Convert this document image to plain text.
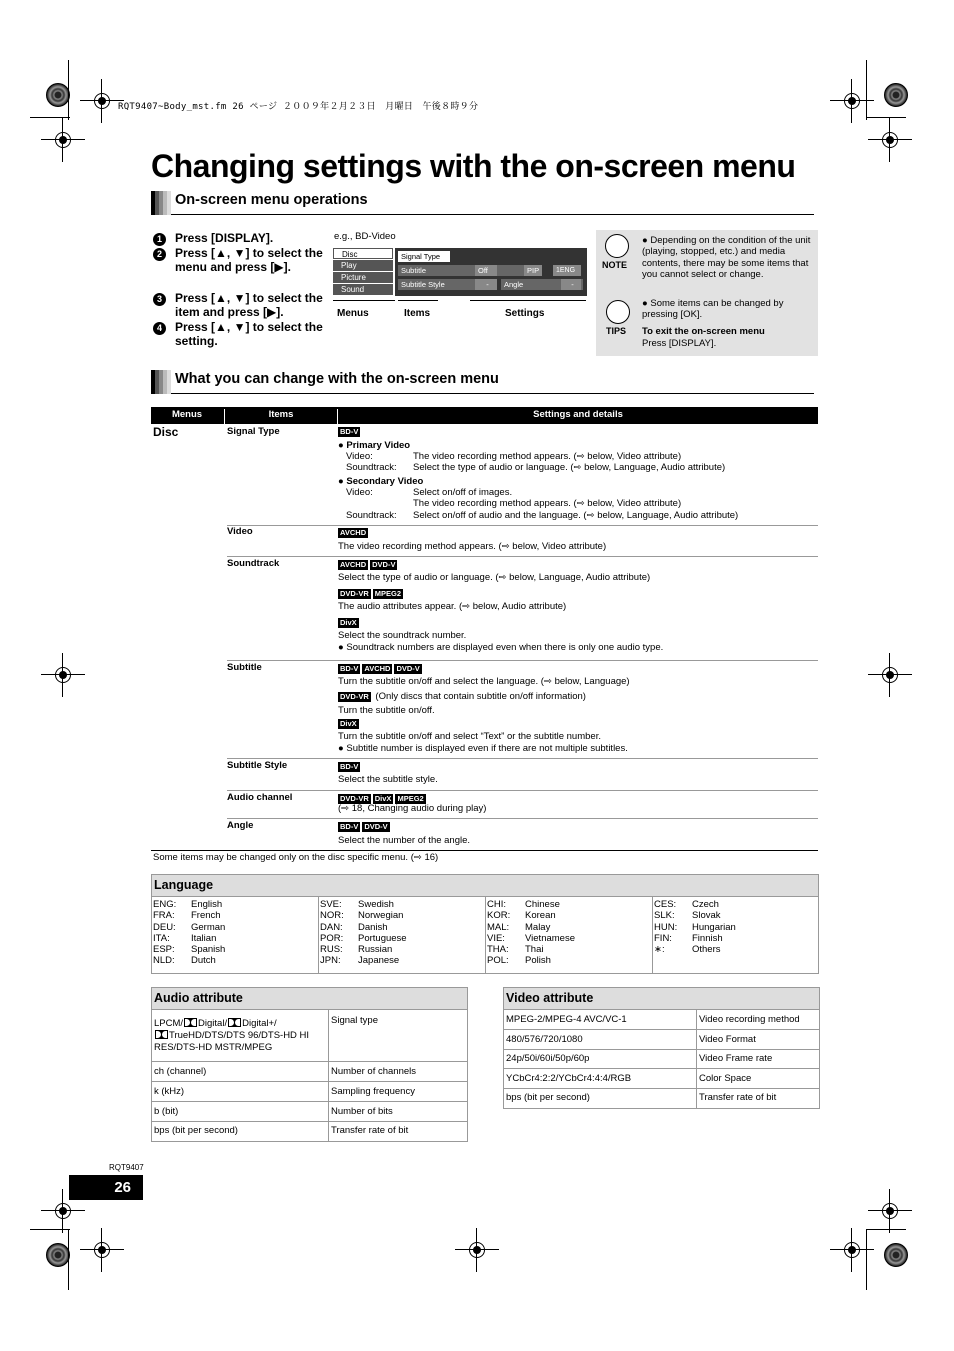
RQT9407~Body_mst.fm 26 ページ ２００９年２月２３日　月曜日　午後８時９分
Changing settings with the on-screen menu
On-screen menu operations
1 Press [DISPLAY].
2 Press [▲, ▼] to select the menu and press [▶].
3 Press [▲, ▼] to select the item and press [▶].
4 Press [▲, ▼] to select the setting.
e.g., BD-Video
Disc
Play
Picture
Sound
Signal Type
Subtitle	Off	PIP	1ENG
Subtitle Style	-	Angle	-
Menus	Items	Settings
NOTE
● Depending on the condition of the unit (playing, stopped, etc.) and media contents, there may be some items that you cannot select or change.
TIPS
● Some items can be changed by pressing [OK].
To exit the on-screen menu
Press [DISPLAY].
What you can change with the on-screen menu
Menus	Items	Settings and details
Disc	Signal Type	BD-V
● Primary Video
Video:	The video recording method appears. (⇨ below, Video attribute)
Soundtrack: Select the type of audio or language. (⇨ below, Language, Audio attribute)
● Secondary Video
Video:	Select on/off of images.
The video recording method appears. (⇨ below, Video attribute)
Soundtrack: Select on/off of audio and the language. (⇨ below, Language, Audio attribute)
Video	AVCHD
The video recording method appears. (⇨ below, Video attribute)
Soundtrack	AVCHD DVD-V
Select the type of audio or language. (⇨ below, Language, Audio attribute)
DVD-VR MPEG2
The audio attributes appear. (⇨ below, Audio attribute)
DivX
Select the soundtrack number.
● Soundtrack numbers are displayed even when there is only one audio type.
Subtitle	BD-V AVCHD DVD-V
Turn the subtitle on/off and select the language. (⇨ below, Language)
DVD-VR (Only discs that contain subtitle on/off information)
Turn the subtitle on/off.
DivX
Turn the subtitle on/off and select “Text” or the subtitle number.
● Subtitle number is displayed even if there are not multiple subtitles.
Subtitle Style	BD-V
Select the subtitle style.
Audio channel	DVD-VR DivX MPEG2
(⇨ 18, Changing audio during play)
Angle	BD-V DVD-V
Select the number of the angle.
Some items may be changed only on the disc specific menu. (⇨ 16)
Language
ENG: English
FRA: French
DEU: German
ITA: Italian
ESP: Spanish
NLD: Dutch
SVE: Swedish
NOR: Norwegian
DAN: Danish
POR: Portuguese
RUS: Russian
JPN: Japanese
CHI: Chinese
KOR: Korean
MAL: Malay
VIE: Vietnamese
THA: Thai
POL: Polish
CES: Czech
SLK: Slovak
HUN: Hungarian
FIN: Finnish
∗:	Others
Audio attribute
LPCM/ Digital/ Digital+/
TrueHD/DTS/DTS 96/DTS-HD HI RES/DTS-HD MSTR/MPEG
Signal type
ch (channel)	Number of channels
k (kHz)	Sampling frequency
b (bit)	Number of bits
bps (bit per second)	Transfer rate of bit
Video attribute
MPEG-2/MPEG-4 AVC/VC-1	Video recording method
480/576/720/1080	Video Format
24p/50i/60i/50p/60p	Video Frame rate
YCbCr4:2:2/YCbCr4:4:4/RGB	Color Space
bps (bit per second)	Transfer rate of bit
RQT9407
26
